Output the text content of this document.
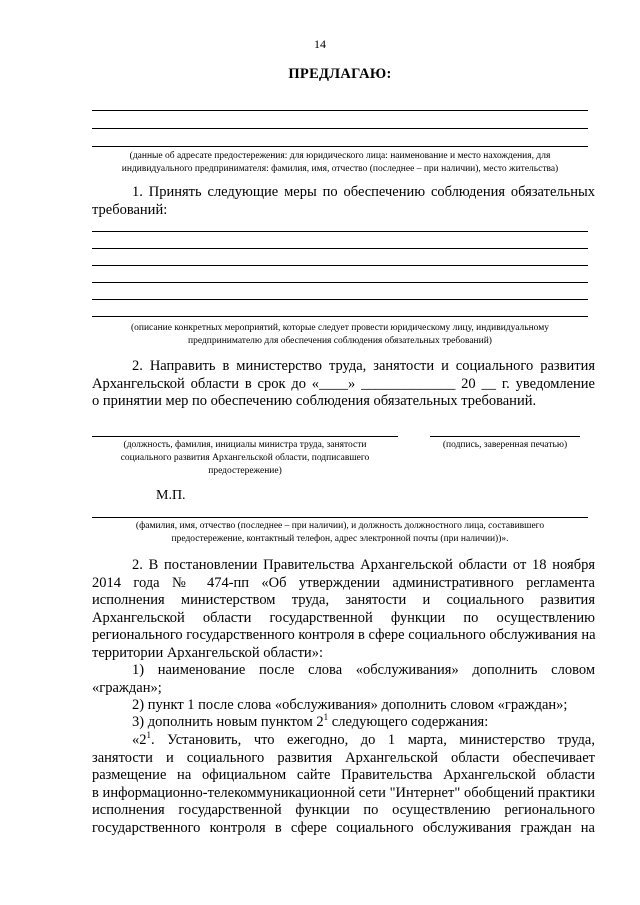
14
ПРЕДЛАГАЮ:
(данные об адресате предостережения: для юридического лица: наименование и место нахождения, для
индивидуального предпринимателя: фамилия, имя, отчество (последнее – при наличии), место жительства)
1. Принять следующие меры по обеспечению соблюдения обязательных
требований:
(описание конкретных мероприятий, которые следует провести юридическому лицу, индивидуальному
предпринимателю для обеспечения соблюдения обязательных требований)
2. Направить в министерство труда, занятости и социального развития
Архангельской области в срок до «____» _____________ 20 __ г. уведомление
о принятии мер по обеспечению соблюдения обязательных требований.
(должность, фамилия, инициалы министра труда, занятости
социального развития Архангельской области, подписавшего
предостережение)
(подпись, заверенная печатью)
М.П.
(фамилия, имя, отчество (последнее – при наличии), и должность должностного лица, составившего
предостережение, контактный телефон, адрес электронной почты (при наличии))».
2. В постановлении Правительства Архангельской области от 18 ноября
2014 года № 474-пп «Об утверждении административного регламента
исполнения министерством труда, занятости и социального развития
Архангельской области государственной функции по осуществлению
регионального государственного контроля в сфере социального обслуживания на
территории Архангельской области»:
1) наименование после слова «обслуживания» дополнить словом
«граждан»;
2) пункт 1 после слова «обслуживания» дополнить словом «граждан»;
3) дополнить новым пунктом $2^1$ следующего содержания:
«$2^1$. Установить, что ежегодно, до 1 марта, министерство труда,
занятости и социального развития Архангельской области обеспечивает
размещение на официальном сайте Правительства Архангельской области
в информационно-телекоммуникационной сети "Интернет" обобщений практики
исполнения государственной функции по осуществлению регионального
государственного контроля в сфере социального обслуживания граждан на
